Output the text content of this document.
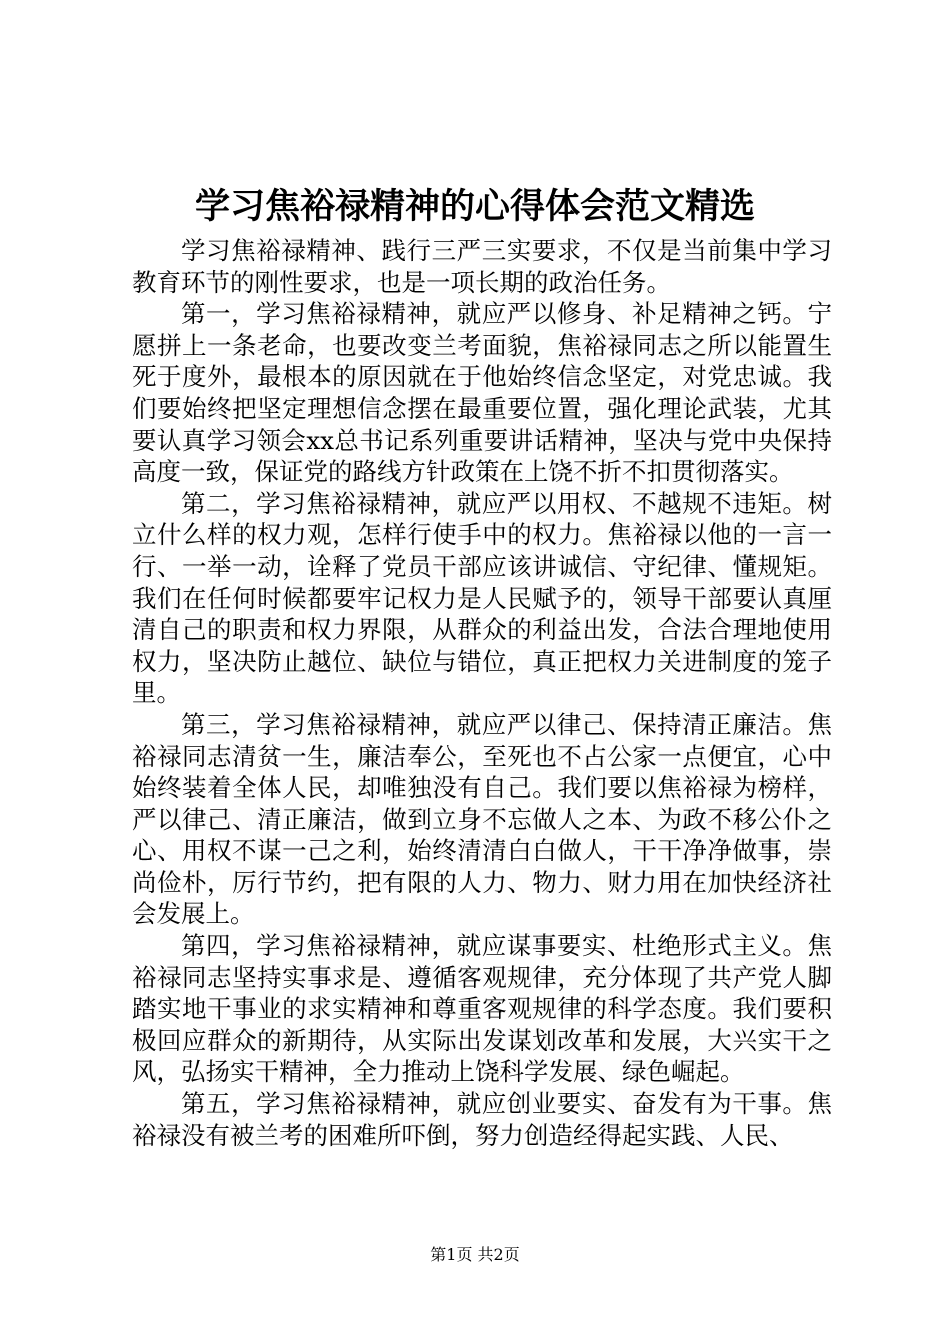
学习焦裕禄精神的心得体会范文精选

学习焦裕禄精神、践行三严三实要求，不仅是当前集中学习教育环节的刚性要求，也是一项长期的政治任务。

第一，学习焦裕禄精神，就应严以修身、补足精神之钙。宁愿拼上一条老命，也要改变兰考面貌，焦裕禄同志之所以能置生死于度外，最根本的原因就在于他始终信念坚定，对党忠诚。我们要始终把坚定理想信念摆在最重要位置，强化理论武装，尤其要认真学习领会xx总书记系列重要讲话精神，坚决与党中央保持高度一致，保证党的路线方针政策在上饶不折不扣贯彻落实。

第二，学习焦裕禄精神，就应严以用权、不越规不违矩。树立什么样的权力观，怎样行使手中的权力。焦裕禄以他的一言一行、一举一动，诠释了党员干部应该讲诚信、守纪律、懂规矩。我们在任何时候都要牢记权力是人民赋予的，领导干部要认真厘清自己的职责和权力界限，从群众的利益出发，合法合理地使用权力，坚决防止越位、缺位与错位，真正把权力关进制度的笼子里。

第三，学习焦裕禄精神，就应严以律己、保持清正廉洁。焦裕禄同志清贫一生，廉洁奉公，至死也不占公家一点便宜，心中始终装着全体人民，却唯独没有自己。我们要以焦裕禄为榜样，严以律己、清正廉洁，做到立身不忘做人之本、为政不移公仆之心、用权不谋一己之利，始终清清白白做人，干干净净做事，崇尚俭朴，厉行节约，把有限的人力、物力、财力用在加快经济社会发展上。

第四，学习焦裕禄精神，就应谋事要实、杜绝形式主义。焦裕禄同志坚持实事求是、遵循客观规律，充分体现了共产党人脚踏实地干事业的求实精神和尊重客观规律的科学态度。我们要积极回应群众的新期待，从实际出发谋划改革和发展，大兴实干之风，弘扬实干精神，全力推动上饶科学发展、绿色崛起。

第五，学习焦裕禄精神，就应创业要实、奋发有为干事。焦裕禄没有被兰考的困难所吓倒，努力创造经得起实践、人民、

第1页 共2页
